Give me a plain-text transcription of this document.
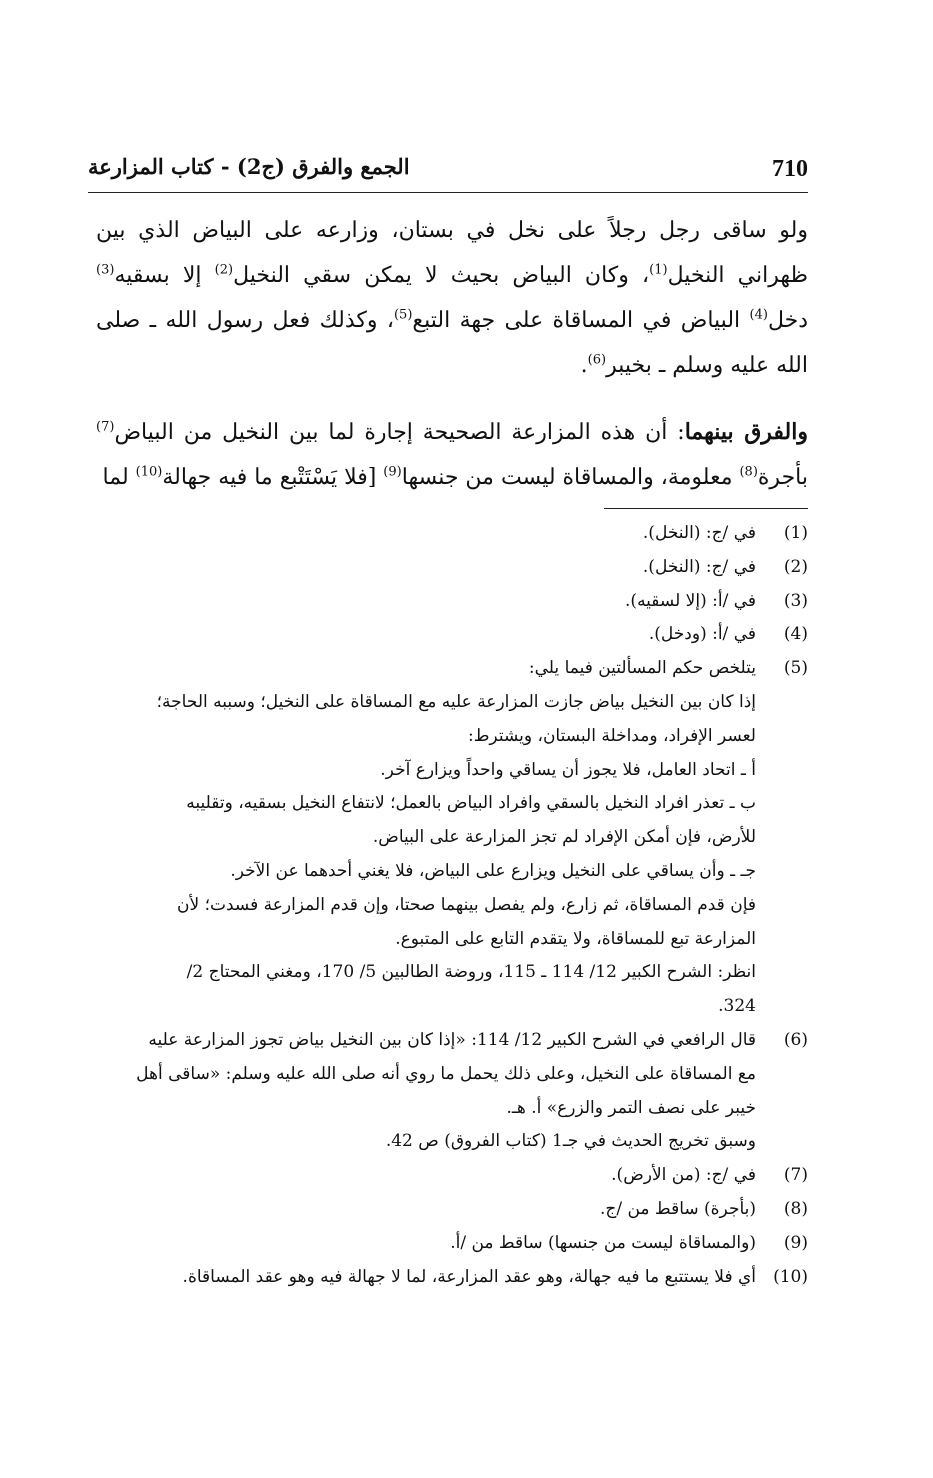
710
الجمع والفرق (ج2) - كتاب المزارعة

ولو ساقى رجل رجلاً على نخل في بستان، وزارعه على البياض الذي بين ظهراني النخيل$^{(1)}$، وكان البياض بحيث لا يمكن سقي النخيل$^{(2)}$ إلا بسقيه$^{(3)}$ دخل$^{(4)}$ البياض في المساقاة على جهة التبع$^{(5)}$، وكذلك فعل رسول الله ـ صلى الله عليه وسلم ـ بخيبر$^{(6)}$.

والفرق بينهما: أن هذه المزارعة الصحيحة إجارة لما بين النخيل من البياض$^{(7)}$ بأجرة$^{(8)}$ معلومة، والمساقاة ليست من جنسها$^{(9)}$ [فلا يَسْتَتْبع ما فيه جهالة$^{(10)}$ لما

(1)
في /ج: (النخل).
(2)
في /ج: (النخل).
(3)
في /أ: (إلا لسقيه).
(4)
في /أ: (ودخل).
(5)
يتلخص حكم المسألتين فيما يلي:
إذا كان بين النخيل بياض جازت المزارعة عليه مع المساقاة على النخيل؛ وسببه الحاجة؛
لعسر الإفراد، ومداخلة البستان، ويشترط:
أ ـ اتحاد العامل، فلا يجوز أن يساقي واحداً ويزارع آخر.
ب ـ تعذر افراد النخيل بالسقي وافراد البياض بالعمل؛ لانتفاع النخيل بسقيه، وتقليبه
للأرض، فإن أمكن الإفراد لم تجز المزارعة على البياض.
جـ ـ وأن يساقي على النخيل ويزارع على البياض، فلا يغني أحدهما عن الآخر.
فإن قدم المساقاة، ثم زارع، ولم يفصل بينهما صحتا، وإن قدم المزارعة فسدت؛ لأن
المزارعة تبع للمساقاة، ولا يتقدم التابع على المتبوع.
انظر: الشرح الكبير 12/ 114 ـ 115، وروضة الطالبين 5/ 170، ومغني المحتاج 2/
324.
(6)
قال الرافعي في الشرح الكبير 12/ 114: «إذا كان بين النخيل بياض تجوز المزارعة عليه
مع المساقاة على النخيل، وعلى ذلك يحمل ما روي أنه صلى الله عليه وسلم: «ساقى أهل
خيبر على نصف التمر والزرع» أ. هـ.
وسبق تخريج الحديث في جـ1 (كتاب الفروق) ص 42.
(7)
في /ج: (من الأرض).
(8)
(بأجرة) ساقط من /ج.
(9)
(والمساقاة ليست من جنسها) ساقط من /أ.
(10)
أي فلا يستتبع ما فيه جهالة، وهو عقد المزارعة، لما لا جهالة فيه وهو عقد المساقاة.
